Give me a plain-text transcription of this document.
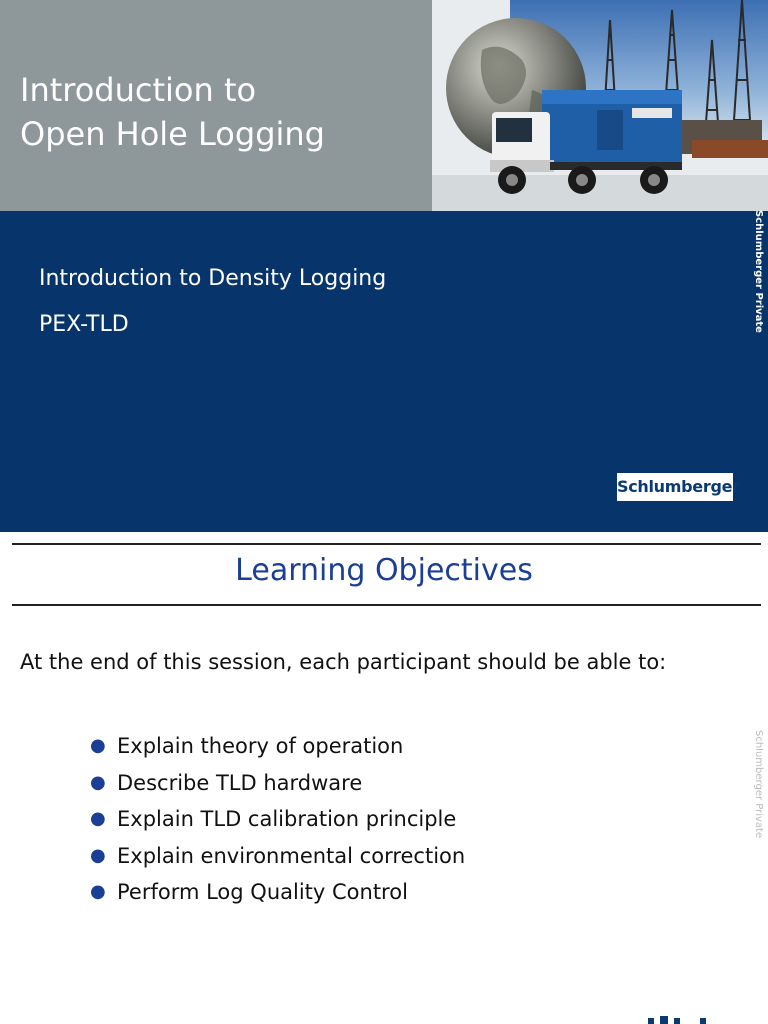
Introduction to
Open Hole Logging

Introduction to Density Logging

PEX-TLD

Schlumberger
Schlumberger Private
Learning Objectives

At the end of this session, each participant should be able to:

● Explain theory of operation
● Describe TLD hardware
● Explain TLD calibration principle
● Explain environmental correction
● Perform Log Quality Control
Schlumberger Private
